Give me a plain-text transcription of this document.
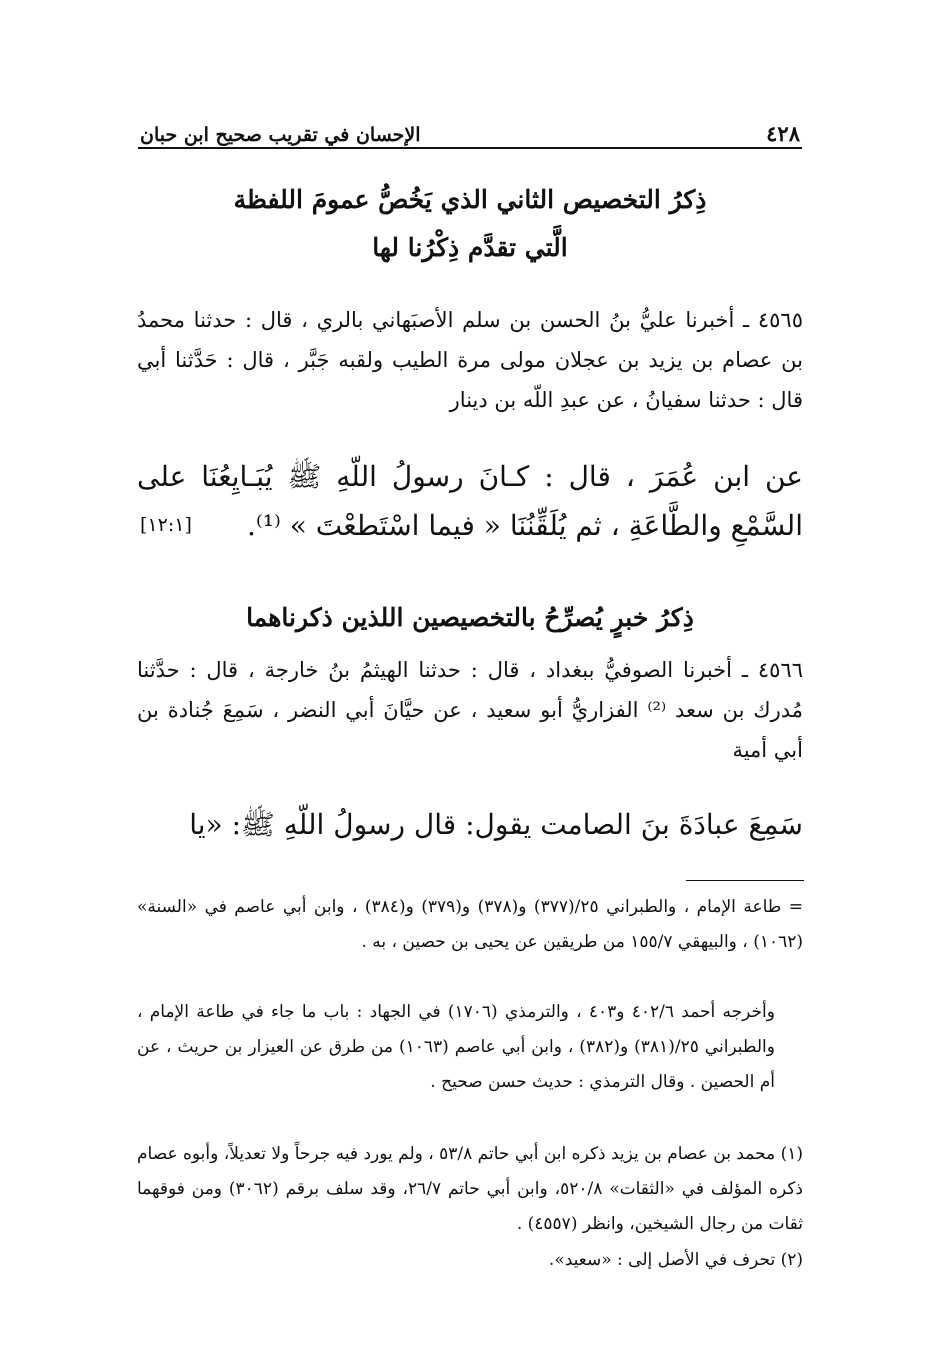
٤٢٨
الإحسان في تقريب صحيح ابن حبان

ذِكرُ التخصيص الثاني الذي يَخُصُّ عمومَ اللفظة

الَّتي تقدَّم ذِكْرُنا لها

٤٥٦٥ ـ أخبرنا عليُّ بنُ الحسن بن سلم الأصبَهاني بالري ، قال : حدثنا محمدُ بن عصام بن يزيد بن عجلان مولى مرة الطيب ولقبه جَبَّر ، قال : حَدَّثنا أبي قال : حدثنا سفيانُ ، عن عبدِ اللّه بن دينار

عن ابن عُمَرَ ، قال : كـانَ رسولُ اللّهِ ﷺ يُبَـايِعُنَا على السَّمْعِ والطَّاعَةِ ، ثم يُلَقِّنُنَا « فيما اسْتَطعْتَ » ⁽¹⁾.

[١٢:١]

ذِكرُ خبرٍ يُصرِّحُ بالتخصيصين اللذين ذكرناهما

٤٥٦٦ ـ أخبرنا الصوفيُّ ببغداد ، قال : حدثنا الهيثمُ بنُ خارجة ، قال : حدَّثنا مُدرك بن سعد ⁽²⁾ الفزاريُّ أبو سعيد ، عن حيَّانَ أبي النضر ، سَمِعَ جُنادة بن أبي أمية

سَمِعَ عبادَةَ بنَ الصامت يقول: قال رسولُ اللّهِ ﷺ: «يا

= طاعة الإمام ، والطبراني ٢٥/(٣٧٧) و(٣٧٨) و(٣٧٩) و(٣٨٤) ، وابن أبي عاصم في «السنة» (١٠٦٢) ، والبيهقي ١٥٥/٧ من طريقين عن يحيى بن حصين ، به .

وأخرجه أحمد ٤٠٢/٦ و٤٠٣ ، والترمذي (١٧٠٦) في الجهاد : باب ما جاء في طاعة الإمام ، والطبراني ٢٥/(٣٨١) و(٣٨٢) ، وابن أبي عاصم (١٠٦٣) من طرق عن العيزار بن حريث ، عن أم الحصين . وقال الترمذي : حديث حسن صحيح .

(١) محمد بن عصام بن يزيد ذكره ابن أبي حاتم ٥٣/٨ ، ولم يورد فيه جرحاً ولا تعديلاً، وأبوه عصام ذكره المؤلف في «الثقات» ٥٢٠/٨، وابن أبي حاتم ٢٦/٧، وقد سلف برقم (٣٠٦٢) ومن فوقهما ثقات من رجال الشيخين، وانظر (٤٥٥٧) .

(٢) تحرف في الأصل إلى : «سعيد».
